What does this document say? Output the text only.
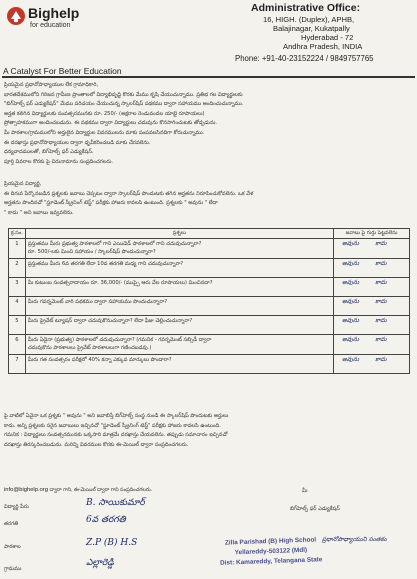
Bighelp
for education
A Catalyst For Better Education
Administrative Office:
16, HIGH. (Duplex), APHB,
Balajinagar, Kukatpally
Hyderabad - 72
Andhra Pradesh, INDIA
Phone: +91-40-23152224 / 9849757765
ప్రియమైన ప్రధానోపాధ్యాయుల లేక గ్రామాధికారి,
భారతదేశములోని గిరిజన గ్రామీణ ప్రాంతాలలో విద్యాభివృద్ధి కొరకు మేము కృషి చేయుచున్నాము. ప్రతిభ గల విద్యార్థులకు
"బిగ్‌హెల్ప్ ఫర్ ఎడ్యుకేషన్" మేము పరిచయం చేయుచున్న స్కాలర్‌షిప్ పథకము ద్వారా సహాయము అందించుచున్నాము.
అర్హత కలిగిన విద్యార్థులకు సంవత్సరమునకు రూ. 250/- (అక్షరాల రెండువందల యాభై రూపాయలు)
ప్రోత్సాహకముగా అందించబడును. ఈ పథకము ద్వారా విద్యార్థులు చదువును కొనసాగించుటకు తోడ్పడును.
మీ పాఠశాల/గ్రామములోని అర్హులైన విద్యార్థుల వివరములను మాకు పంపవలసినదిగా కోరుచున్నాము.
ఈ దరఖాస్తు ప్రధానోపాధ్యాయుల ద్వారా ధృవీకరించబడి మాకు చేరవలెను.
ధన్యవాదములతో, బిగ్‌హెల్ప్ ఫర్ ఎడ్యుకేషన్.
పూర్తి వివరాల కొరకు పై చిరునామాను సంప్రదించగలరు.
ప్రియమైన విద్యార్థి,
ఈ దిగువ పేర్కొనబడిన ప్రశ్నలకు జవాబు చెప్పటం ద్వారా స్కాలర్‌షిప్ పొందుటకు తగిన అర్హతను నిరూపించుకోవలెను. ఒక వేళ
అర్హతను పొందినచో "స్టూడెంట్ స్క్రీనింగ్ టెస్ట్" పరీక్షకు హాజరు కావలసి ఉంటుంది. ప్రశ్నలకు " అవును " లేదా
" కాదు " అని జవాబు ఇవ్వవలెను.
క్ర.సం.	ప్రశ్నలు	జవాబు పై గుర్తు పెట్టవలెను
1	ప్రస్తుతము మీరు ప్రభుత్వ పాఠశాలలో గాని ఎయిడెడ్ పాఠశాలలో గాని చదువుచున్నారా?
రూ. 500/-లకు మించి సహాయం / స్కాలర్‌షిప్ పొందుచున్నారా?	అవును కాదు
2	ప్రస్తుతము మీరు 6వ తరగతి లేదా 10వ తరగతి మధ్య గాని చదువుచున్నారా?	అవును కాదు
3	మీ కుటుంబ సంవత్సరాదాయం రూ. 36,000/- (ముప్పై ఆరు వేల రూపాయలు) మించినదా?	అవును కాదు
4	మీరు గవర్నమెంట్ వారి పథకము ద్వారా సహాయము పొందుచున్నారా?	అవును కాదు
5	మీరు ప్రైవేట్ ట్యూషన్ ద్వారా చదువుకొనుచున్నారా? లేదా ఫీజు చెల్లించుచున్నారా?	అవును కాదు
6	మీరు ఏదైనా (ప్రభుత్వ) పాఠశాలలో చదువుచున్నారా? (గమనిక - గవర్నమెంట్ సబ్సిడీ ద్వారా
చదువుకొను పాఠశాలలు ప్రైవేట్ పాఠశాలలుగా గణించబడవు.)	అవును కాదు
7	మీరు గత సంవత్సరం పరీక్షలో 40% కన్నా ఎక్కువ మార్కులు పొందారా?	అవును కాదు
పై వాటిలో ఏవైనా ఒక ప్రశ్నకు " అవును " అని జవాబిస్తే బిగ్‌హెల్ప్ సంస్థ నుండి ఈ స్కాలర్‌షిప్ పొందుటకు అర్హులు
కాదు. అన్ని ప్రశ్నలకు సరైన జవాబులు ఇచ్చినచో "స్టూడెంట్ స్క్రీనింగ్ టెస్ట్" పరీక్షకు హాజరు కావలసి ఉంటుంది.
గమనిక : విద్యార్థులు సంవత్సరమునకు ఒక్కసారి మాత్రమే దరఖాస్తు చేయవలెను. తప్పుడు సమాచారం ఇచ్చినచో
దరఖాస్తు తిరస్కరించబడును. మరిన్ని వివరముల కొరకు ఈ-మెయిల్ ద్వారా సంప్రదించగలరు.
info@bighelp.org ద్వారా గాని, ఈ-మెయిల్ ద్వారా గాని సంప్రదించగలరు.	మీ
బిగ్‌హెల్ప్ ఫర్ ఎడ్యుకేషన్
విద్యార్థి పేరు	B. సాయికుమార్
తరగతి	6వ తరగతి
పాఠశాల	Z.P (B) H.S
గ్రామము
ఎల్లారెడ్డి
Zilla Parishad (B) High School
Yellareddy-503122 (Mdl)
Dist: Kamareddy, Telangana State
ప్రధానోపాధ్యాయుని సంతకం
